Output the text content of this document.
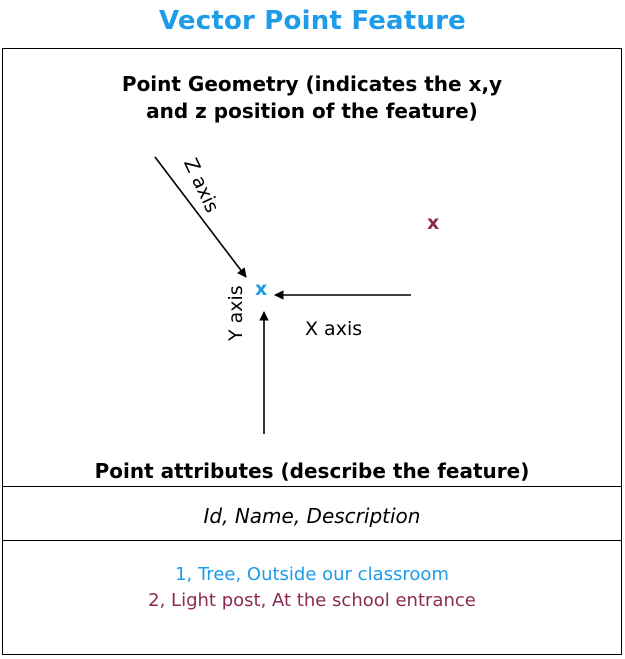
Vector Point Feature
Point Geometry (indicates the x,y
and z position of the feature)
x
x
X axis
Y axis
Z axis
Point attributes (describe the feature)
Id, Name, Description
1, Tree, Outside our classroom
2, Light post, At the school entrance
